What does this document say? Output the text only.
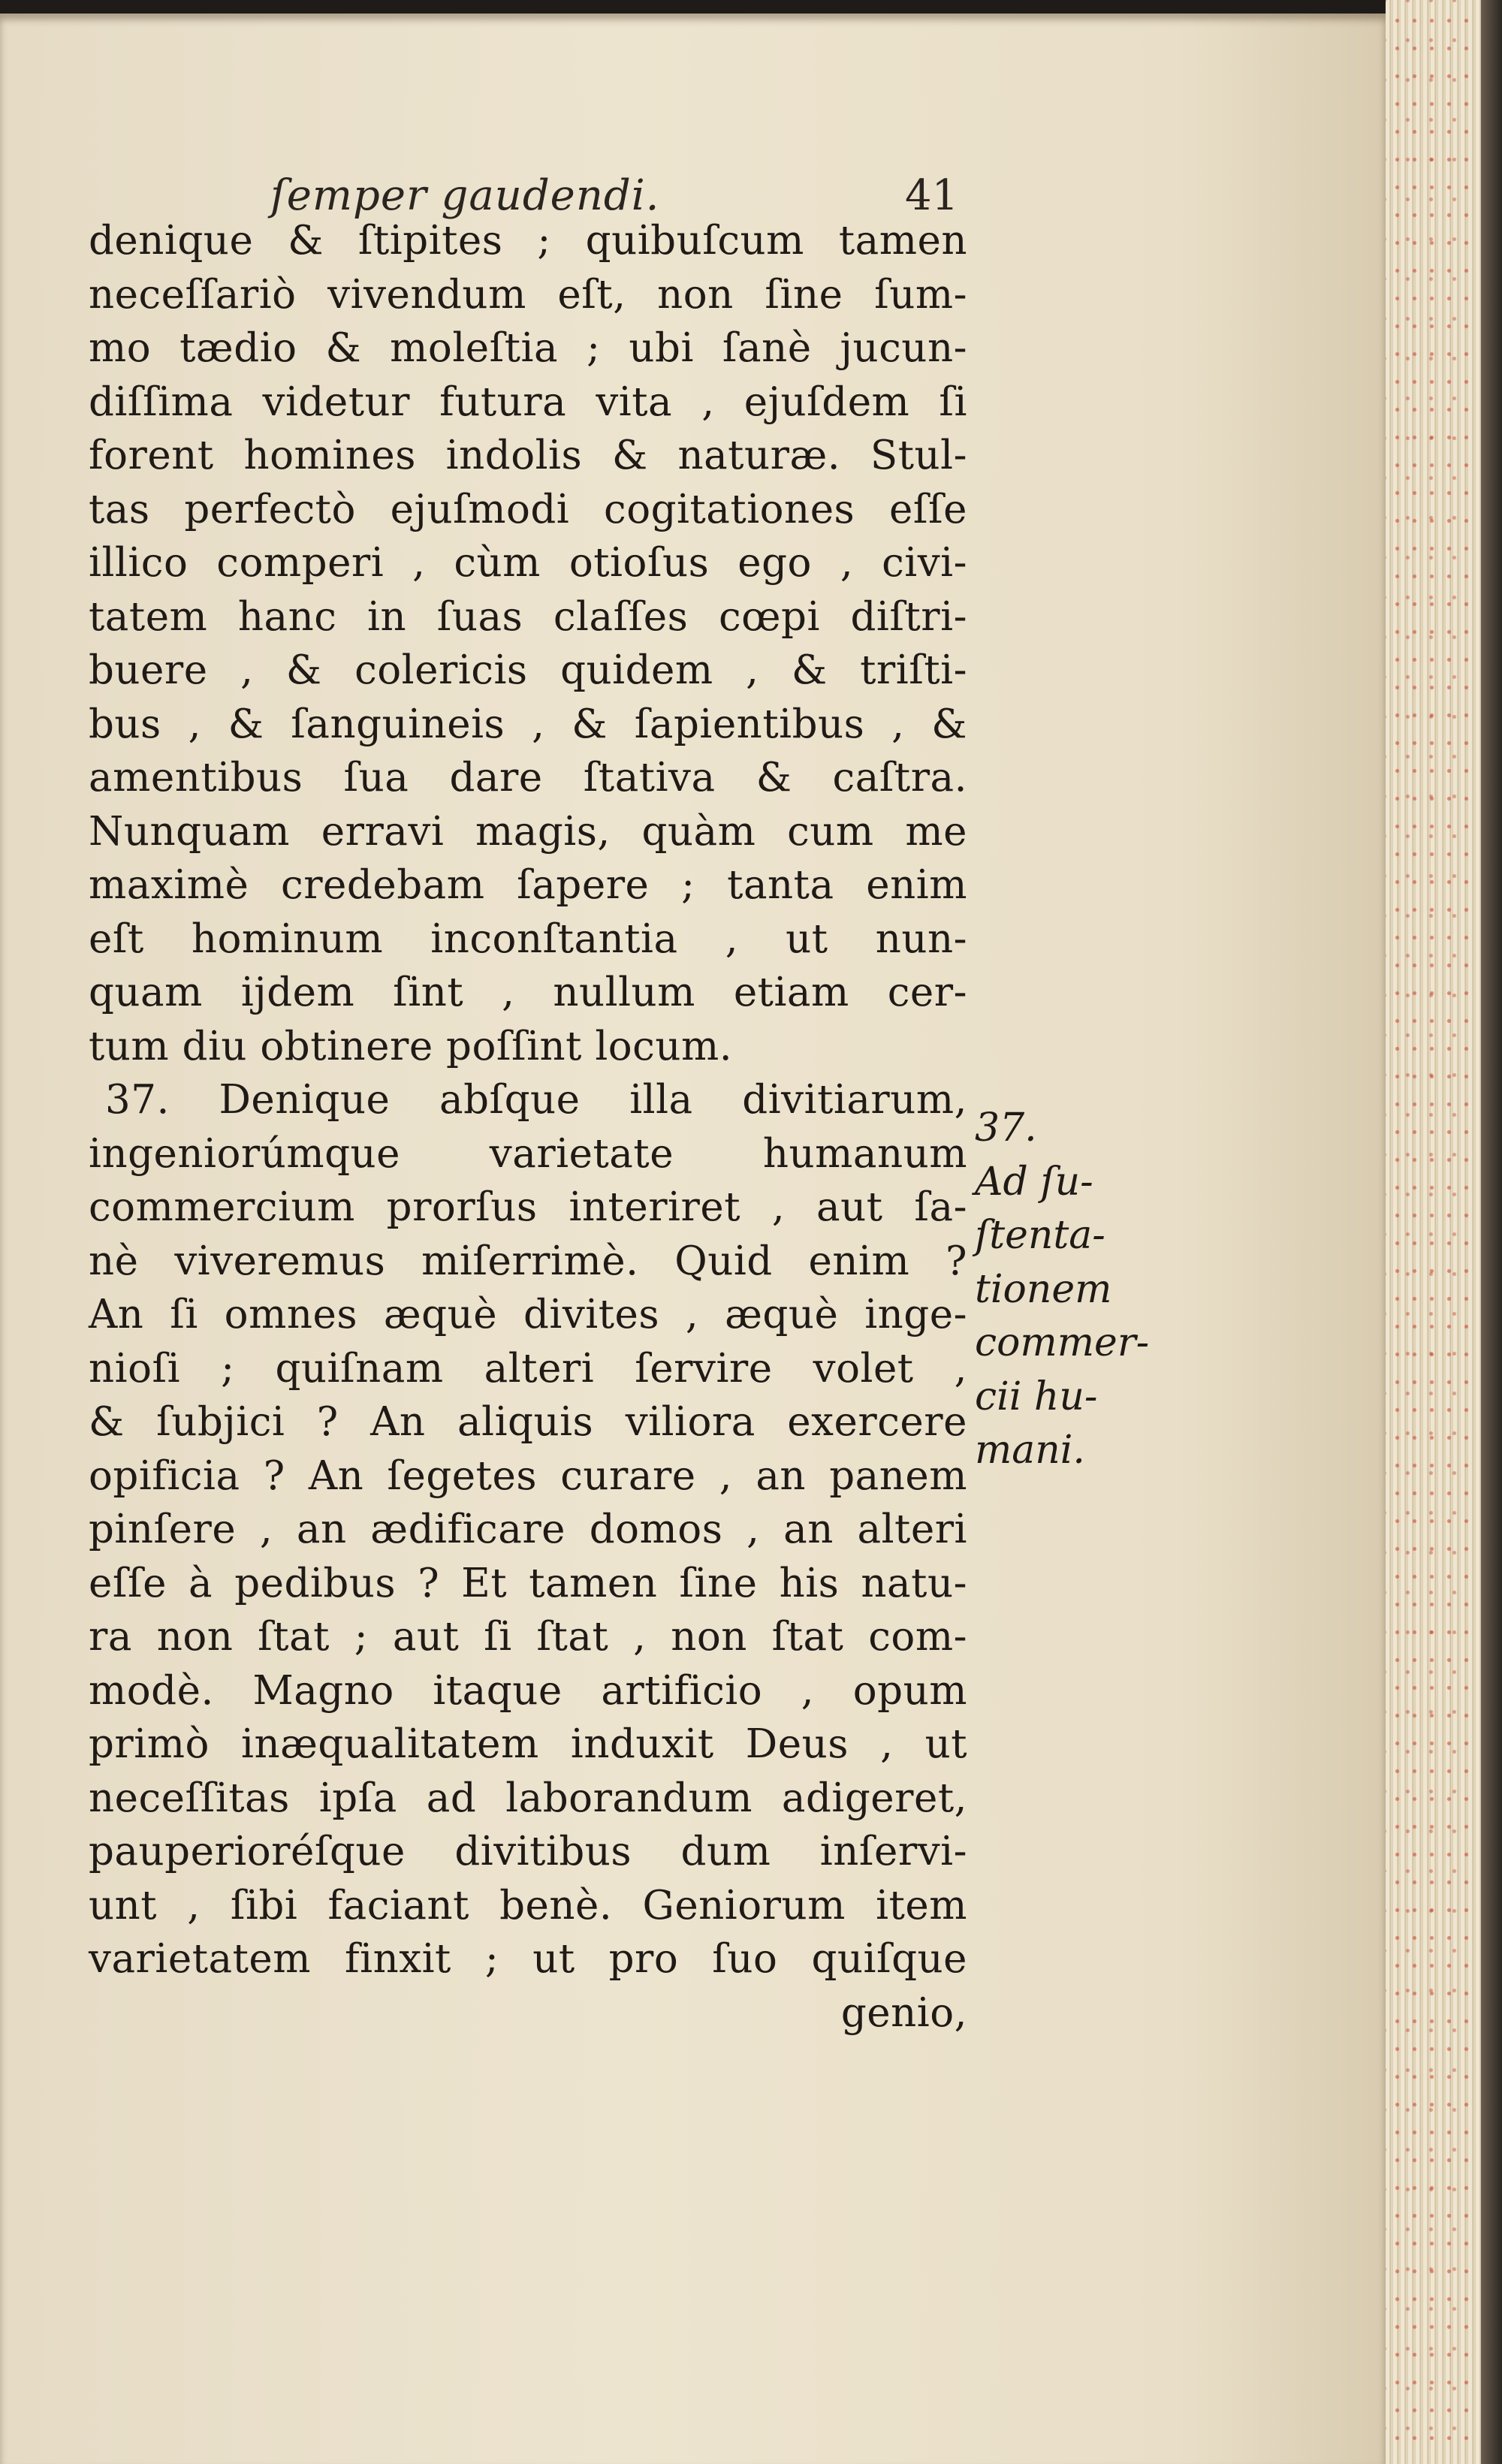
ſemper gaudendi.	41
denique & ſtipites ; quibuſcum tamen
neceſſariò vivendum eſt, non ſine ſum-
mo tædio & moleſtia ; ubi ſanè jucun-
diſſima videtur futura vita , ejuſdem ſi
forent homines indolis & naturæ. Stul-
tas perfectò ejuſmodi cogitationes eſſe
illico comperi , cùm otioſus ego , civi-
tatem hanc in ſuas claſſes cœpi diſtri-
buere , & colericis quidem , & triſti-
bus , & ſanguineis , & ſapientibus , &
amentibus ſua dare ſtativa & caſtra.
Nunquam erravi magis, quàm cum me
maximè credebam ſapere ; tanta enim
eſt hominum inconſtantia , ut nun-
quam ijdem ſint , nullum etiam cer-
tum diu obtinere poſſint locum.
37. Denique abſque illa divitiarum,
ingeniorúmque varietate humanum
commercium prorſus interiret , aut ſa-
nè viveremus miſerrimè. Quid enim ?
An ſi omnes æquè divites , æquè inge-
nioſi ; quiſnam alteri ſervire volet ,
& ſubjici ? An aliquis viliora exercere
opificia ? An ſegetes curare , an panem
pinſere , an ædificare domos , an alteri
eſſe à pedibus ? Et tamen ſine his natu-
ra non ſtat ; aut ſi ſtat , non ſtat com-
modè. Magno itaque artificio , opum
primò inæqualitatem induxit Deus , ut
neceſſitas ipſa ad laborandum adigeret,
pauperioréſque divitibus dum inſervi-
unt , ſibi faciant benè. Geniorum item
varietatem finxit ; ut pro ſuo quiſque
genio,
37.
Ad ſu-
ſtenta-
tionem
commer-
cii hu-
mani.
